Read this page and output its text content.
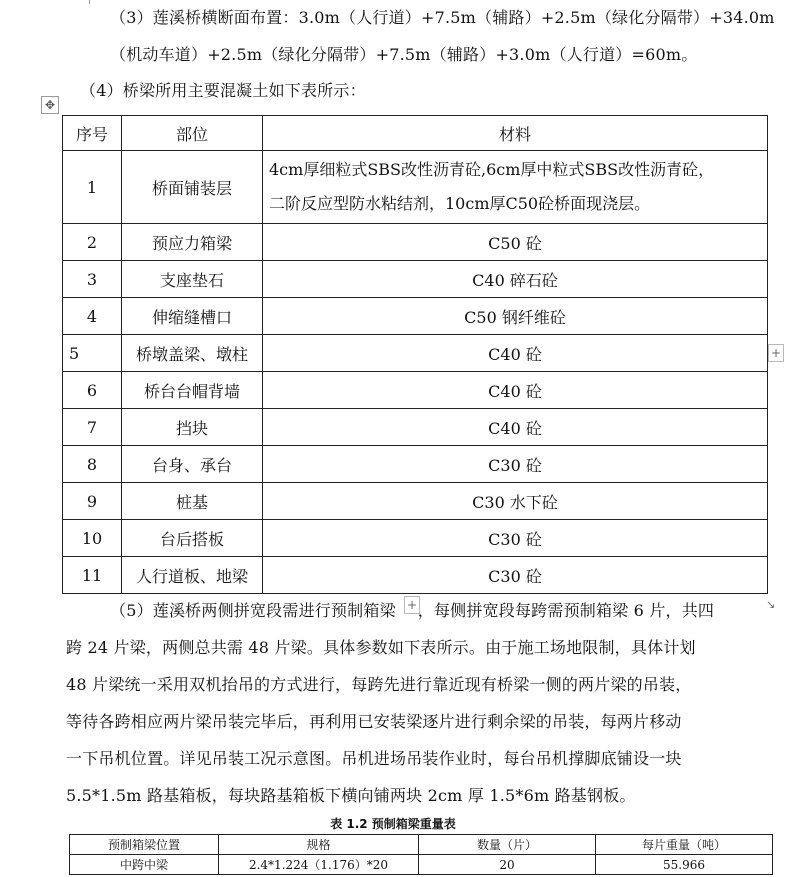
（3）莲溪桥横断面布置：3.0m（人行道）+7.5m（辅路）+2.5m（绿化分隔带）+34.0m
（机动车道）+2.5m（绿化分隔带）+7.5m（辅路）+3.0m（人行道）=60m。
（4）桥梁所用主要混凝土如下表所示：
✥
序号	部位	材料
1	桥面铺装层	4cm厚细粒式SBS改性沥青砼,6cm厚中粒式SBS改性沥青砼，
二阶反应型防水粘结剂，10cm厚C50砼桥面现浇层。

2	预应力箱梁	C50 砼
3	支座垫石	C40 碎石砼
4	伸缩缝槽口	C50 钢纤维砼
5	桥墩盖梁、墩柱	C40 砼
6	桥台台帽背墙	C40 砼
7	挡块	C40 砼
8	台身、承台	C30 砼
9	桩基	C30 水下砼
10	台后搭板	C30 砼
11	人行道板、地梁	C30 砼
+
+	↘
（5）莲溪桥两侧拼宽段需进行预制箱梁 ，每侧拼宽段每跨需预制箱梁 6 片，共四
跨 24 片梁，两侧总共需 48 片梁。具体参数如下表所示。由于施工场地限制，具体计划
48 片梁统一采用双机抬吊的方式进行，每跨先进行靠近现有桥梁一侧的两片梁的吊装，
等待各跨相应两片梁吊装完毕后，再利用已安装梁逐片进行剩余梁的吊装，每两片移动
一下吊机位置。详见吊装工况示意图。吊机进场吊装作业时，每台吊机撑脚底铺设一块
5.5*1.5m 路基箱板，每块路基箱板下横向铺两块 2cm 厚 1.5*6m 路基钢板。
表 1.2 预制箱梁重量表
预制箱梁位置	规格	数量（片）	每片重量（吨）
中跨中梁	2.4*1.224（1.176）*20	20	55.966
